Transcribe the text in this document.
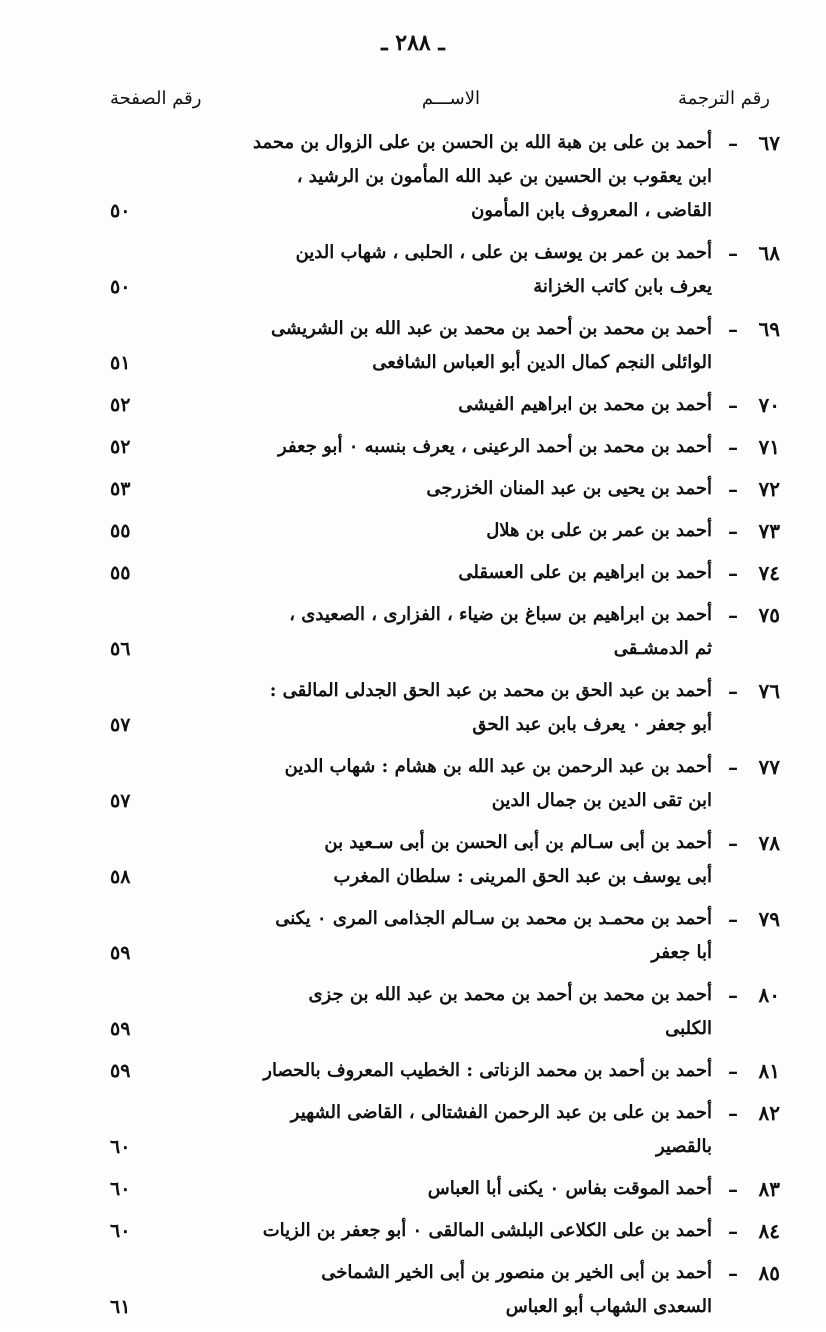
ـ ٢٨٨ ـ
رقم الترجمة
الاســـم
رقم الصفحة
٦٧
–
أحمد بن على بن هبة الله بن الحسن بن على الزوال بن محمد
ابن يعقوب بن الحسين بن عبد الله المأمون بن الرشيد ،
القاضى ، المعروف بابن المأمون
٥٠
٦٨
–
أحمد بن عمر بن يوسف بن على ، الحلبى ، شهاب الدين
يعرف بابن كاتب الخزانة
٥٠
٦٩
–
أحمد بن محمد بن أحمد بن محمد بن عبد الله بن الشريشى
الوائلى النجم كمال الدين أبو العباس الشافعى
٥١
٧٠
–
أحمد بن محمد بن ابراهيم الفيشى
٥٢
٧١
–
أحمد بن محمد بن أحمد الرعينى ، يعرف بنسبه ٠ أبو جعفر
٥٢
٧٢
–
أحمد بن يحيى بن عبد المنان الخزرجى
٥٣
٧٣
–
أحمد بن عمر بن على بن هلال
٥٥
٧٤
–
أحمد بن ابراهيم بن على العسقلى
٥٥
٧٥
–
أحمد بن ابراهيم بن سباغ بن ضياء ، الفزارى ، الصعيدى ،
ثم الدمشـقى
٥٦
٧٦
–
أحمد بن عبد الحق بن محمد بن عبد الحق الجدلى المالقى :
أبو جعفر ٠ يعرف بابن عبد الحق
٥٧
٧٧
–
أحمد بن عبد الرحمن بن عبد الله بن هشام : شهاب الدين
ابن تقى الدين بن جمال الدين
٥٧
٧٨
–
أحمد بن أبى سـالم بن أبى الحسن بن أبى سـعيد بن
أبى يوسف بن عبد الحق المرينى : سلطان المغرب
٥٨
٧٩
–
أحمد بن محمـد بن محمد بن سـالم الجذامى المرى ٠ يكنى
أبا جعفر
٥٩
٨٠
–
أحمد بن محمد بن أحمد بن محمد بن عبد الله بن جزى
الكلبى
٥٩
٨١
–
أحمد بن أحمد بن محمد الزناتى : الخطيب المعروف بالحصار
٥٩
٨٢
–
أحمد بن على بن عبد الرحمن الفشتالى ، القاضى الشهير
بالقصير
٦٠
٨٣
–
أحمد الموقت بفاس ٠ يكنى أبا العباس
٦٠
٨٤
–
أحمد بن على الكلاعى البلشى المالقى ٠ أبو جعفر بن الزيات
٦٠
٨٥
–
أحمد بن أبى الخير بن منصور بن أبى الخير الشماخى
السعدى الشهاب أبو العباس
٦١
